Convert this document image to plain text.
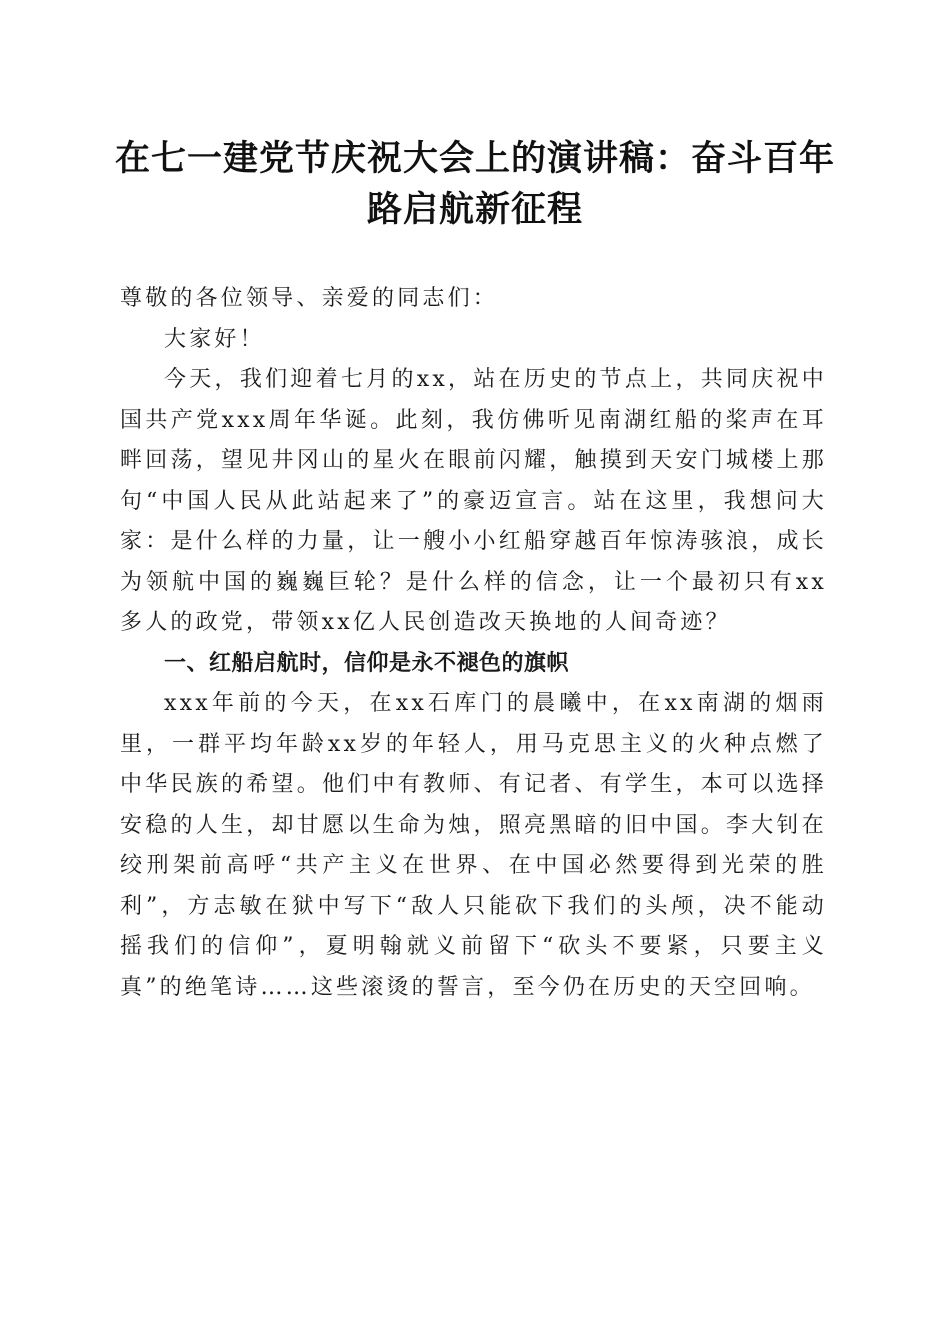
在七一建党节庆祝大会上的演讲稿：奋斗百年路启航新征程

尊敬的各位领导、亲爱的同志们：

大家好！

今天，我们迎着七月的xx，站在历史的节点上，共同庆祝中国共产党xxx周年华诞。此刻，我仿佛听见南湖红船的桨声在耳畔回荡，望见井冈山的星火在眼前闪耀，触摸到天安门城楼上那句“中国人民从此站起来了”的豪迈宣言。站在这里，我想问大家：是什么样的力量，让一艘小小红船穿越百年惊涛骇浪，成长为领航中国的巍巍巨轮？是什么样的信念，让一个最初只有xx多人的政党，带领xx亿人民创造改天换地的人间奇迹？

一、红船启航时，信仰是永不褪色的旗帜

xxx年前的今天，在xx石库门的晨曦中，在xx南湖的烟雨里，一群平均年龄xx岁的年轻人，用马克思主义的火种点燃了中华民族的希望。他们中有教师、有记者、有学生，本可以选择安稳的人生，却甘愿以生命为烛，照亮黑暗的旧中国。李大钊在绞刑架前高呼“共产主义在世界、在中国必然要得到光荣的胜利”，方志敏在狱中写下“敌人只能砍下我们的头颅，决不能动摇我们的信仰”，夏明翰就义前留下“砍头不要紧，只要主义真”的绝笔诗……这些滚烫的誓言，至今仍在历史的天空回响。
